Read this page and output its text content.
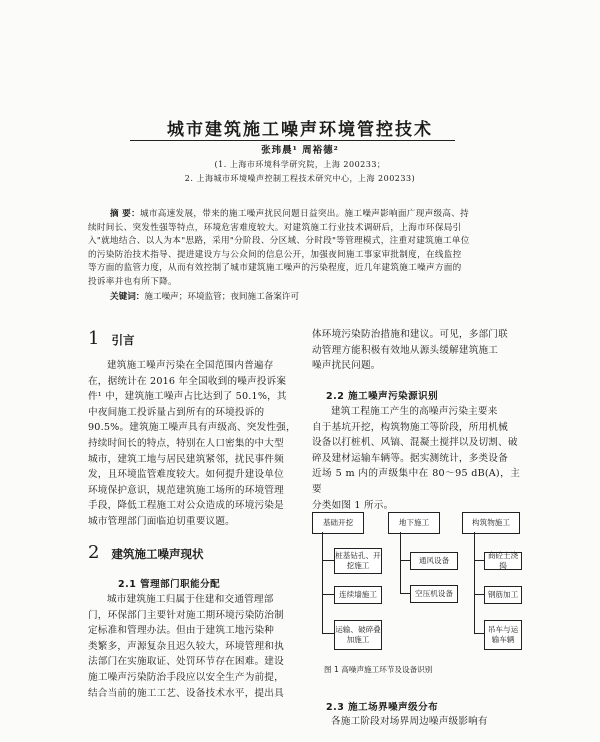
城市建筑施工噪声环境管控技术
张玮晨¹ 周裕德²
(1. 上海市环境科学研究院，上海 200233；
2. 上海城市环境噪声控制工程技术研究中心，上海 200233)
摘 要：城市高速发展，带来的施工噪声扰民问题日益突出。施工噪声影响面广现声级高、持
续时间长、突发性强等特点，环境危害难度较大。对建筑施工行业技术调研后，上海市环保局引
入"就地结合、以人为本"思路，采用"分阶段、分区域、分时段"等管理模式，注重对建筑施工单位
的污染防治技术指导、提进建设方与公众间的信息公开，加强夜间施工事家审批制度，在线监控
等方面的监管力度，从而有效控制了城市建筑施工噪声的污染程度，近几年建筑施工噪声方面的
投诉率并也有所下降。
关键词：施工噪声；环境监管；夜间施工备案许可
1 引言
建筑施工噪声污染在全国范围内普遍存
在，据统计在 2016 年全国收到的噪声投诉案
件¹ 中，建筑施工噪声占比达到了 50.1%，其
中夜间施工投诉量占到所有的环境投诉的
90.5%。建筑施工噪声具有声级高、突发性强，
持续时间长的特点，特别在人口密集的中大型
城市，建筑工地与居民建筑紧邻，扰民事件频
发，且环境监管难度较大。如何提升建设单位
环境保护意识，规范建筑施工场所的环境管理
手段，降低工程施工对公众造成的环境污染是
城市管理部门面临迫切重要议题。
2 建筑施工噪声现状
2.1 管理部门职能分配
城市建筑施工归属于住建和交通管理部
门，环保部门主要针对施工期环境污染防治制
定标准和管理办法。但由于建筑工地污染种
类繁多，声源复杂且迟久较大，环境管理和执
法部门在实施取证、处罚环节存在困难。建设
施工噪声污染防治手段应以安全生产为前提，
结合当前的施工工艺、设备技术水平，提出具
体环境污染防治措施和建议。可见，多部门联
动管理方能积极有效地从源头缓解建筑施工
噪声扰民问题。
2.2 施工噪声污染源识别
建筑工程施工产生的高噪声污染主要来
自于基坑开挖，构筑物施工等阶段，所用机械
设备以打桩机、风镐、混凝土搅拌以及切割、破
碎及建材运输车辆等。据实测统计，多类设备
近场 5 m 内的声级集中在 80～95 dB(A)，主要
分类如图 1 所示。
基础开挖	地下施工	构筑物施工
桩基钻孔、开挖施工
连续墙施工
运输、破碎叠加施工
通风设备
空压机设备
商砼土浇捣
钢筋加工
吊车与运输车辆
图 1 高噪声施工环节及设备识别
2.3 施工场界噪声级分布
各施工阶段对场界周边噪声级影响有
